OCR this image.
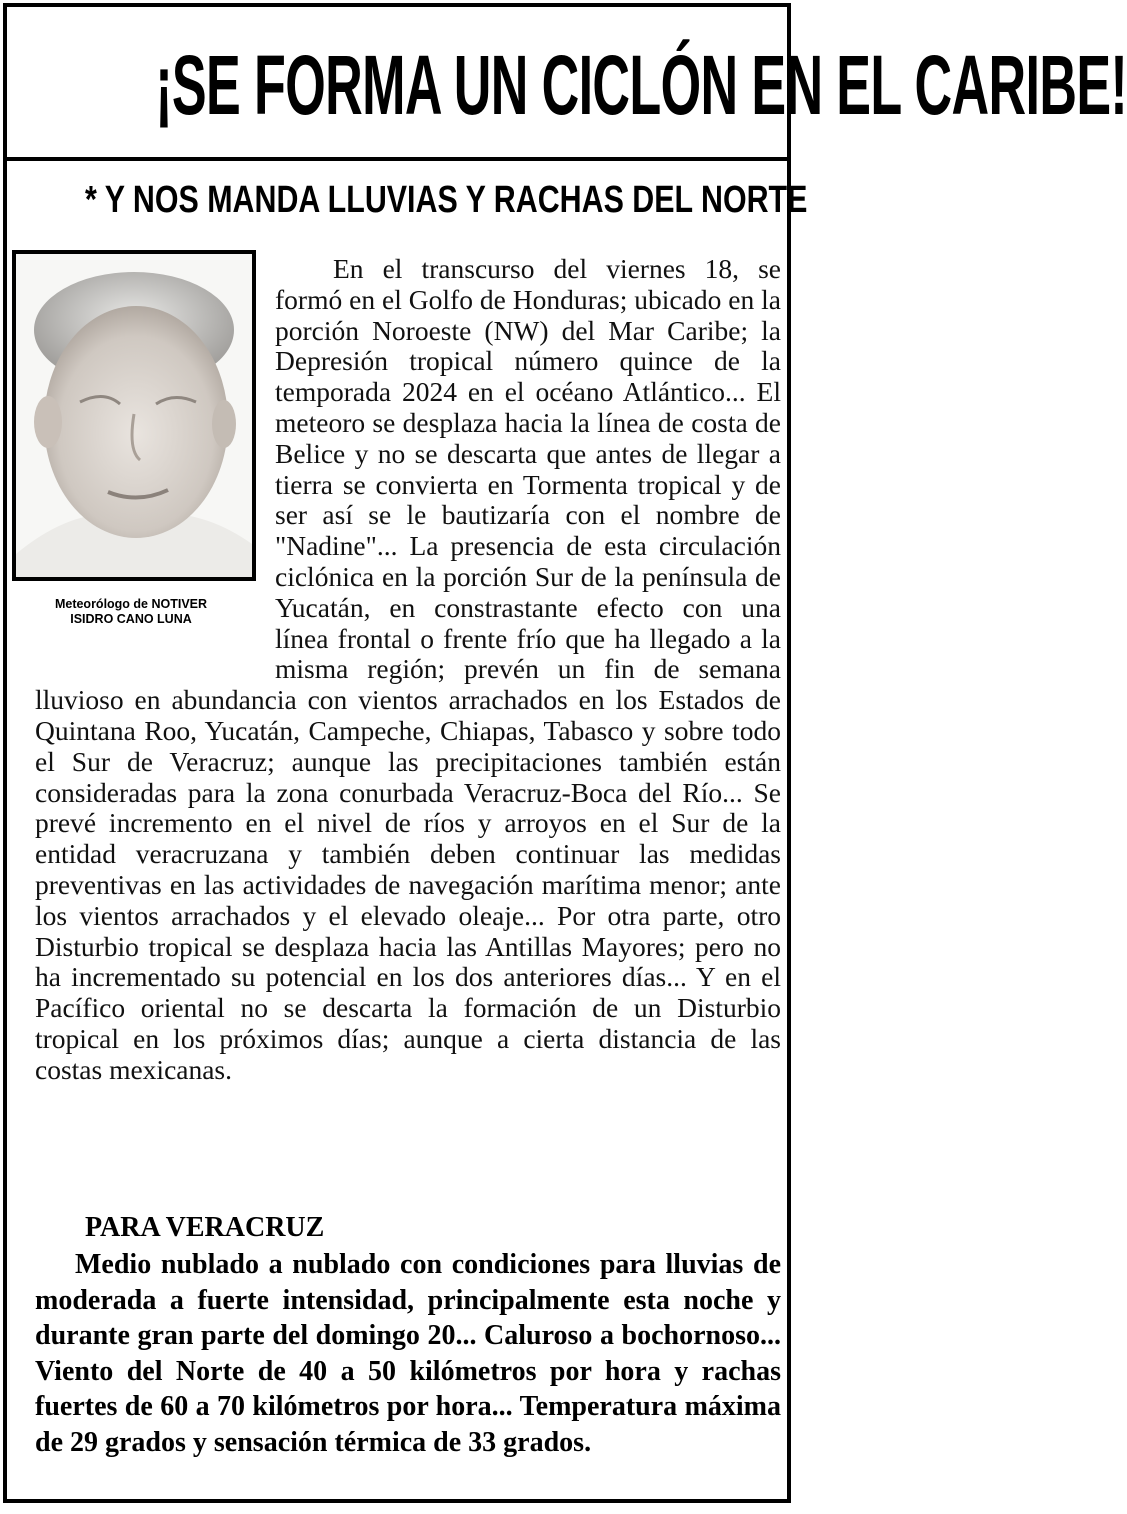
¡SE FORMA UN CICLÓN EN EL CARIBE!
* Y NOS MANDA LLUVIAS Y RACHAS DEL NORTE
Meteorólogo de NOTIVER
ISIDRO CANO LUNA

En el transcurso del viernes 18, se formó en el Golfo de Honduras; ubicado en la porción Noroeste (NW) del Mar Caribe; la Depresión tropical número quince de la temporada 2024 en el océano Atlántico... El meteoro se desplaza hacia la línea de costa de Belice y no se descarta que antes de llegar a tierra se convierta en Tormenta tropical y de ser así se le bautizaría con el nombre de "Nadine"... La presencia de esta circulación ciclónica en la porción Sur de la península de Yucatán, en constrastante efecto con una línea frontal o frente frío que ha llegado a la misma región; prevén un fin de semana lluvioso en abundancia con vientos arrachados en los Estados de Quintana Roo, Yucatán, Campeche, Chiapas, Tabasco y sobre todo el Sur de Veracruz; aunque las precipitaciones también están consideradas para la zona conurbada Veracruz-Boca del Río... Se prevé incremento en el nivel de ríos y arroyos en el Sur de la entidad veracruzana y también deben continuar las medidas preventivas en las actividades de navegación marítima menor; ante los vientos arrachados y el elevado oleaje... Por otra parte, otro Disturbio tropical se desplaza hacia las Antillas Mayores; pero no ha incrementado su potencial en los dos anteriores días... Y en el Pacífico oriental no se descarta la formación de un Disturbio tropical en los próximos días; aunque a cierta distancia de las costas mexicanas.

PARA VERACRUZ

Medio nublado a nublado con condiciones para lluvias de moderada a fuerte intensidad, principalmente esta noche y durante gran parte del domingo 20... Caluroso a bochornoso... Viento del Norte de 40 a 50 kilómetros por hora y rachas fuertes de 60 a 70 kilómetros por hora... Temperatura máxima de 29 grados y sensación térmica de 33 grados.
